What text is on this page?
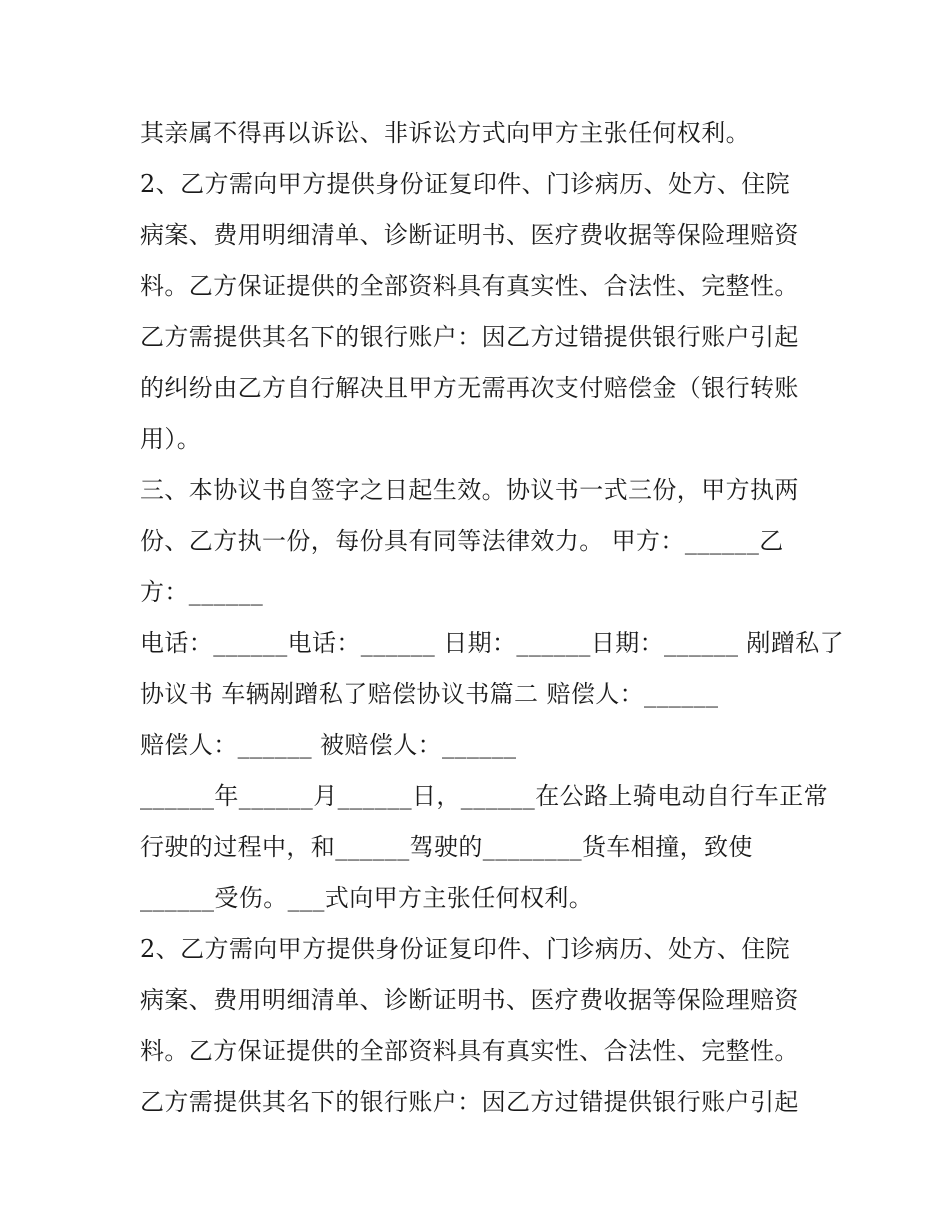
其亲属不得再以诉讼、非诉讼方式向甲方主张任何权利。
2、乙方需向甲方提供身份证复印件、门诊病历、处方、住院
病案、费用明细清单、诊断证明书、医疗费收据等保险理赔资
料。乙方保证提供的全部资料具有真实性、合法性、完整性。
乙方需提供其名下的银行账户：因乙方过错提供银行账户引起
的纠纷由乙方自行解决且甲方无需再次支付赔偿金（银行转账
用）。
三、本协议书自签字之日起生效。协议书一式三份，甲方执两
份、乙方执一份，每份具有同等法律效力。 甲方：______乙
方：______
电话：______电话：______ 日期：______日期：______ 剐蹭私了
协议书 车辆剐蹭私了赔偿协议书篇二 赔偿人：______
赔偿人：______ 被赔偿人：______
______年______月______日，______在公路上骑电动自行车正常
行驶的过程中，和______驾驶的________货车相撞，致使
______受伤。___式向甲方主张任何权利。
2、乙方需向甲方提供身份证复印件、门诊病历、处方、住院
病案、费用明细清单、诊断证明书、医疗费收据等保险理赔资
料。乙方保证提供的全部资料具有真实性、合法性、完整性。
乙方需提供其名下的银行账户：因乙方过错提供银行账户引起
